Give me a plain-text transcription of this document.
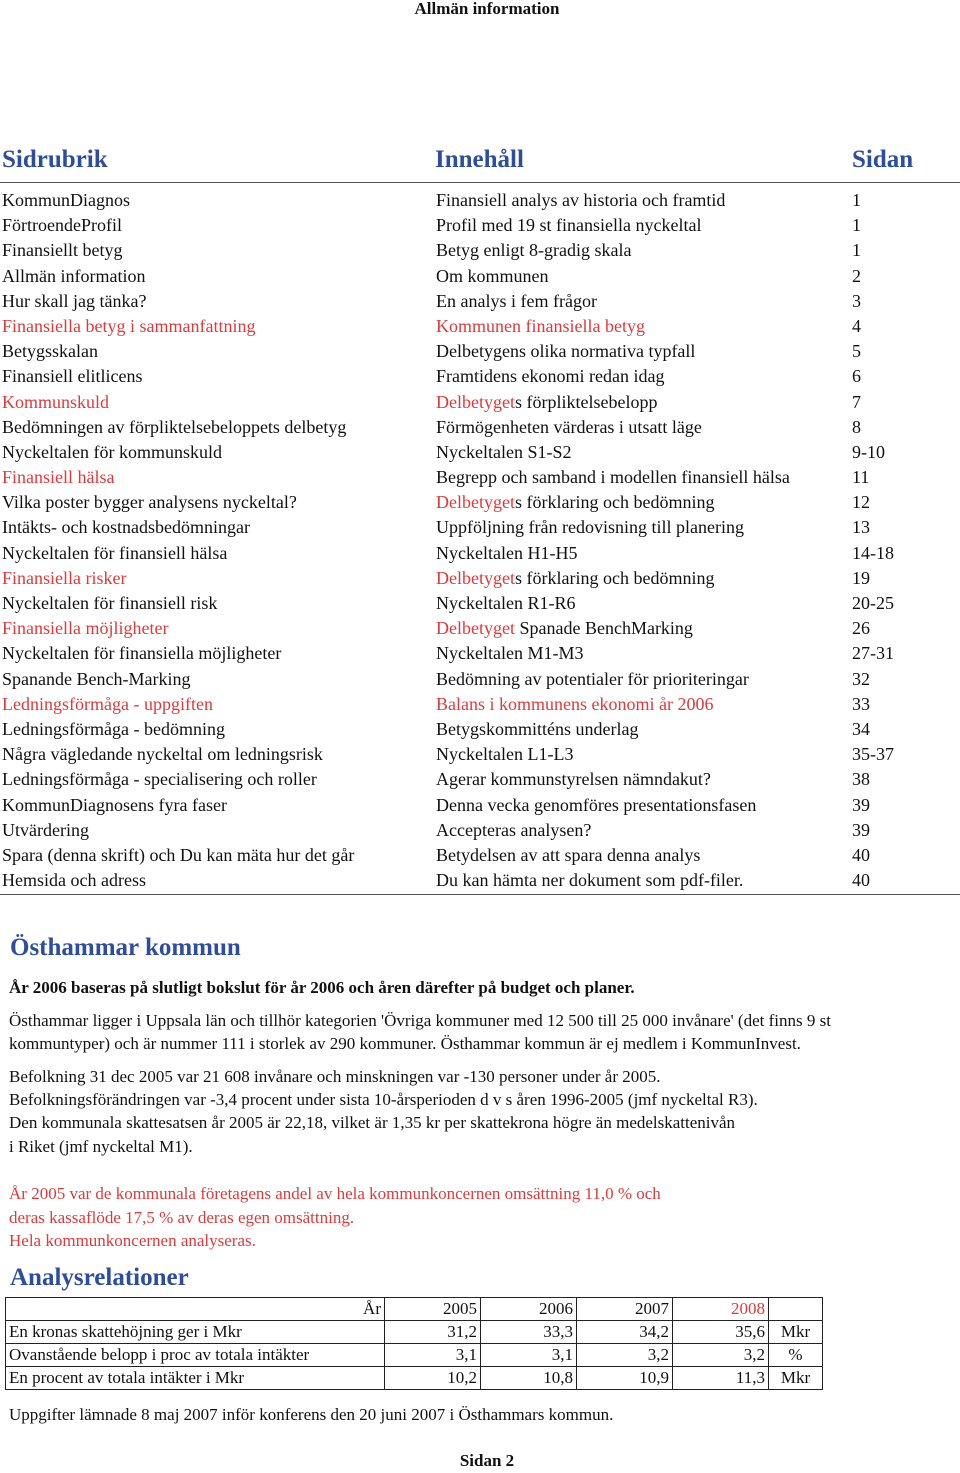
Allmän information
Sidrubrik	Innehåll	Sidan
KommunDiagnos	Finansiell analys av historia och framtid	1
FörtroendeProfil	Profil med 19 st finansiella nyckeltal	1
Finansiellt betyg	Betyg enligt 8-gradig skala	1
Allmän information	Om kommunen	2
Hur skall jag tänka?	En analys i fem frågor	3
Finansiella betyg i sammanfattning	Kommunen finansiella betyg	4
Betygsskalan	Delbetygens olika normativa typfall	5
Finansiell elitlicens	Framtidens ekonomi redan idag	6
Kommunskuld	Delbetygets förpliktelsebelopp	7
Bedömningen av förpliktelsebeloppets delbetyg	Förmögenheten värderas i utsatt läge	8
Nyckeltalen för kommunskuld	Nyckeltalen S1-S2	9-10
Finansiell hälsa	Begrepp och samband i modellen finansiell hälsa	11
Vilka poster bygger analysens nyckeltal?	Delbetygets förklaring och bedömning	12
Intäkts- och kostnadsbedömningar	Uppföljning från redovisning till planering	13
Nyckeltalen för finansiell hälsa	Nyckeltalen H1-H5	14-18
Finansiella risker	Delbetygets förklaring och bedömning	19
Nyckeltalen för finansiell risk	Nyckeltalen R1-R6	20-25
Finansiella möjligheter	Delbetyget Spanade BenchMarking	26
Nyckeltalen för finansiella möjligheter	Nyckeltalen M1-M3	27-31
Spanande Bench-Marking	Bedömning av potentialer för prioriteringar	32
Ledningsförmåga - uppgiften	Balans i kommunens ekonomi år 2006	33
Ledningsförmåga - bedömning	Betygskommitténs underlag	34
Några vägledande nyckeltal om ledningsrisk	Nyckeltalen L1-L3	35-37
Ledningsförmåga - specialisering och roller	Agerar kommunstyrelsen nämndakut?	38
KommunDiagnosens fyra faser	Denna vecka genomföres presentationsfasen	39
Utvärdering	Accepteras analysen?	39
Spara (denna skrift) och Du kan mäta hur det går	Betydelsen av att spara denna analys	40
Hemsida och adress	Du kan hämta ner dokument som pdf-filer.	40
Östhammar kommun
År 2006 baseras på slutligt bokslut för år 2006 och åren därefter på budget och planer.
Östhammar ligger i Uppsala län och tillhör kategorien 'Övriga kommuner med 12 500 till 25 000 invånare' (det finns 9 st
kommuntyper) och är nummer 111 i storlek av 290 kommuner. Östhammar kommun är ej medlem i KommunInvest.
Befolkning 31 dec 2005 var 21 608 invånare och minskningen var -130 personer under år 2005.
Befolkningsförändringen var -3,4 procent under sista 10-årsperioden d v s åren 1996-2005 (jmf nyckeltal R3).
Den kommunala skattesatsen år 2005 är 22,18, vilket är 1,35 kr per skattekrona högre än medelskattenivån
i Riket (jmf nyckeltal M1).
År 2005 var de kommunala företagens andel av hela kommunkoncernen omsättning 11,0 % och
deras kassaflöde 17,5 % av deras egen omsättning.
Hela kommunkoncernen analyseras.
Analysrelationer
År	2005	2006	2007	2008	
En kronas skattehöjning ger i Mkr	31,2	33,3	34,2	35,6	Mkr
Ovanstående belopp i proc av totala intäkter	3,1	3,1	3,2	3,2	%
En procent av totala intäkter i Mkr	10,2	10,8	10,9	11,3	Mkr
Uppgifter lämnade 8 maj 2007 inför konferens den 20 juni 2007 i Östhammars kommun.
Sidan 2
